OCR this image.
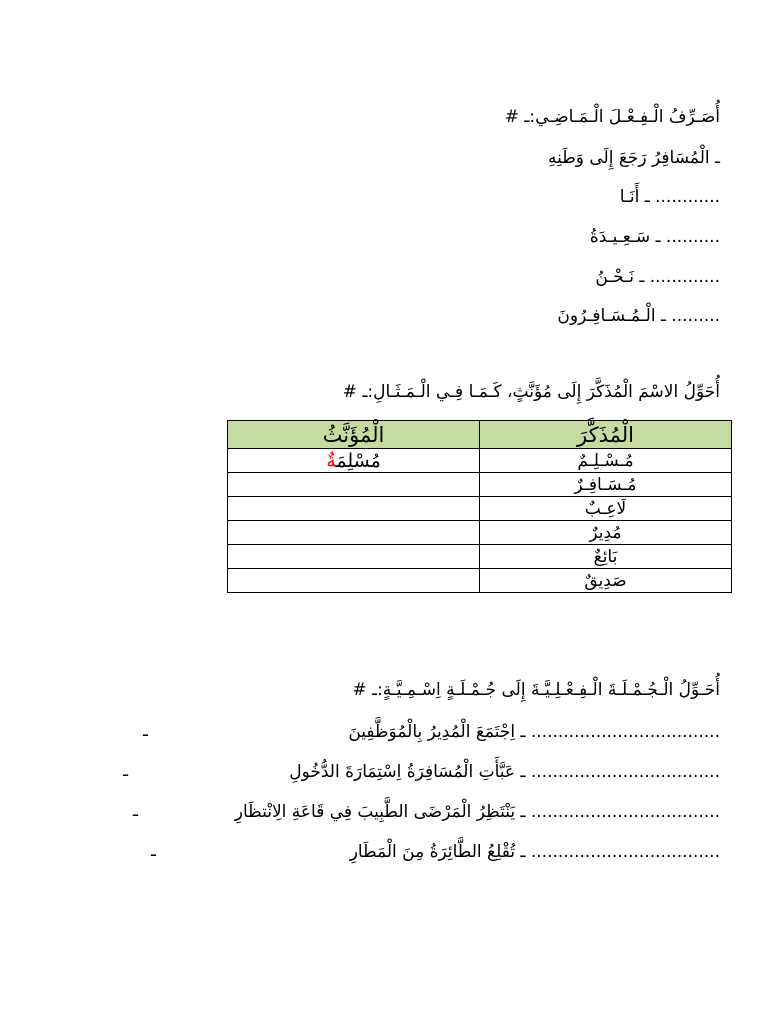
أُصَـرِّفُ الْـفِـعْـلَ الْـمَـاضِـي:ـ #
ـ الْمُسَافِرُ رَجَعَ إِلَى وَطَنِهِ
............ ـ أَنَـا
.......... ـ سَـعِـيـدَةُ
............. ـ نَـحْـنُ
......... ـ الْـمُـسَـافِـرُونَ
أُحَوِّلُ الاسْمَ الْمُذَكَّرَ إِلَى مُؤَنَّثٍ، كَـمَـا فِـي الْـمَـثَـالِ:ـ #
الْمُذَكَّرَ	الْمُؤَنَّثُ
مُـسْـلِـمٌ	مُسْلِمَةٌ
مُـسَـافِـرٌ	
لَاعِـبٌ	
مُدِيرٌ	
بَائِعٌ	
صَدِيقٌ	
أُحَـوِّلُ الْـجُـمْـلَـةَ الْـفِـعْـلِـيَّـةَ إِلَى جُـمْـلَـةٍ اِسْـمِـيَّـةٍ:ـ #
................................... ـ اِجْتَمَعَ الْمُدِيرُ بِالْمُوَظَّفِينَ
ـ
................................... ـ عَبَّأَتِ الْمُسَافِرَةُ اِسْتِمَارَةَ الدُّخُولِ
ـ
................................... ـ يَنْتَظِرُ الْمَرْضَى الطَّبِيبَ فِي قَاعَةِ الِانْتظَارِ
ـ
................................... ـ تُقْلِعُ الطَّائِرَةُ مِنَ الْمَطَارِ
ـ
